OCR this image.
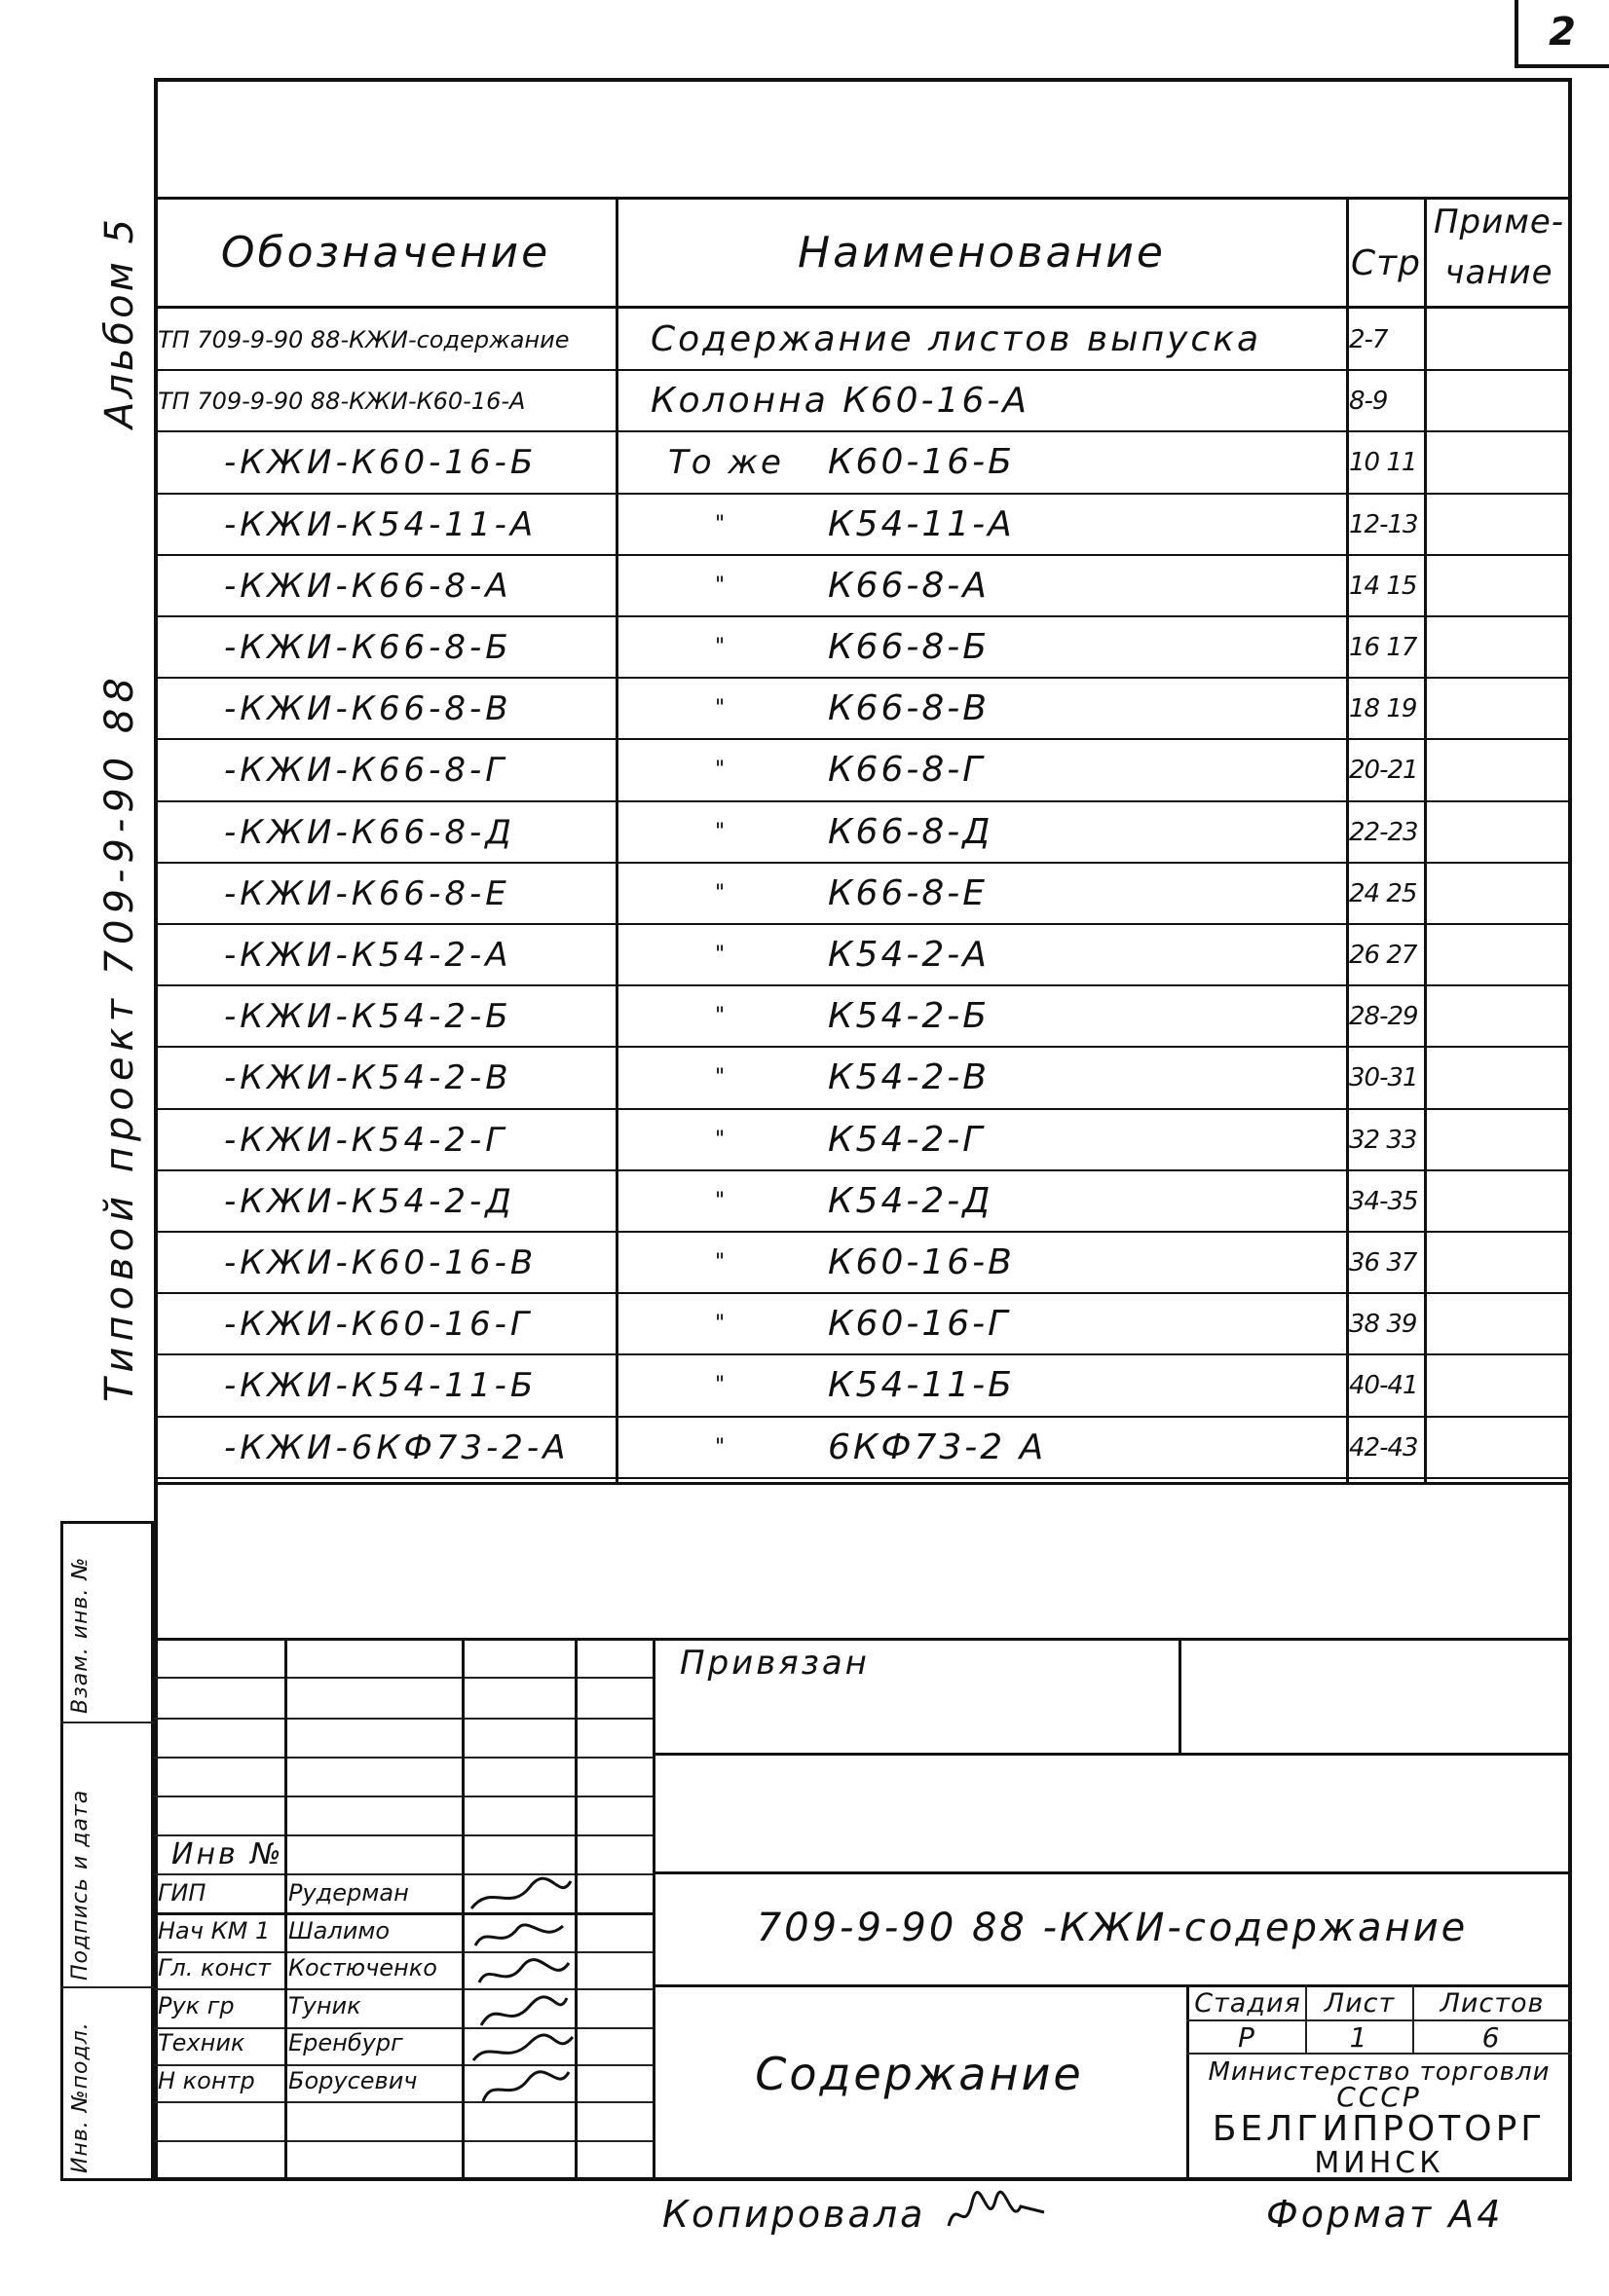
2
Альбом 5
Типовой проект 709-9-90 88
Обозначение	Наименование	Стр
Приме-
чание
ТП 709-9-90 88-КЖИ-содержание	Содержание листов выпуска	2-7
ТП 709-9-90 88-КЖИ-К60-16-А	Колонна К60-16-А	8-9
-КЖИ-К60-16-Б	То же	К60-16-Б	10 11
-КЖИ-К54-11-А	"	К54-11-А	12-13
-КЖИ-К66-8-А	"	К66-8-А	14 15
-КЖИ-К66-8-Б	"	К66-8-Б	16 17
-КЖИ-К66-8-В	"	К66-8-В	18 19
-КЖИ-К66-8-Г	"	К66-8-Г	20-21
-КЖИ-К66-8-Д	"	К66-8-Д	22-23
-КЖИ-К66-8-Е	"	К66-8-Е	24 25
-КЖИ-К54-2-А	"	К54-2-А	26 27
-КЖИ-К54-2-Б	"	К54-2-Б	28-29
-КЖИ-К54-2-В	"	К54-2-В	30-31
-КЖИ-К54-2-Г	"	К54-2-Г	32 33
-КЖИ-К54-2-Д	"	К54-2-Д	34-35
-КЖИ-К60-16-В	"	К60-16-В	36 37
-КЖИ-К60-16-Г	"	К60-16-Г	38 39
-КЖИ-К54-11-Б	"	К54-11-Б	40-41
-КЖИ-6КФ73-2-А	"	6КФ73-2 А	42-43
Взам. инв. №
Подпись и дата
Инв. №подл.
Привязан
Инв №
709-9-90 88 -КЖИ-содержание
Содержание
Стадия Лист	Листов
Р	1	6
Министерство торговли
СССР
БЕЛГИПРОТОРГ
МИНСК
ГИП	Рудерман
Нач КМ 1 Шалимо
Гл. конст Костюченко
Рук гр	Туник
Техник	Еренбург
Н контр	Борусевич
Копировала	Формат А4
